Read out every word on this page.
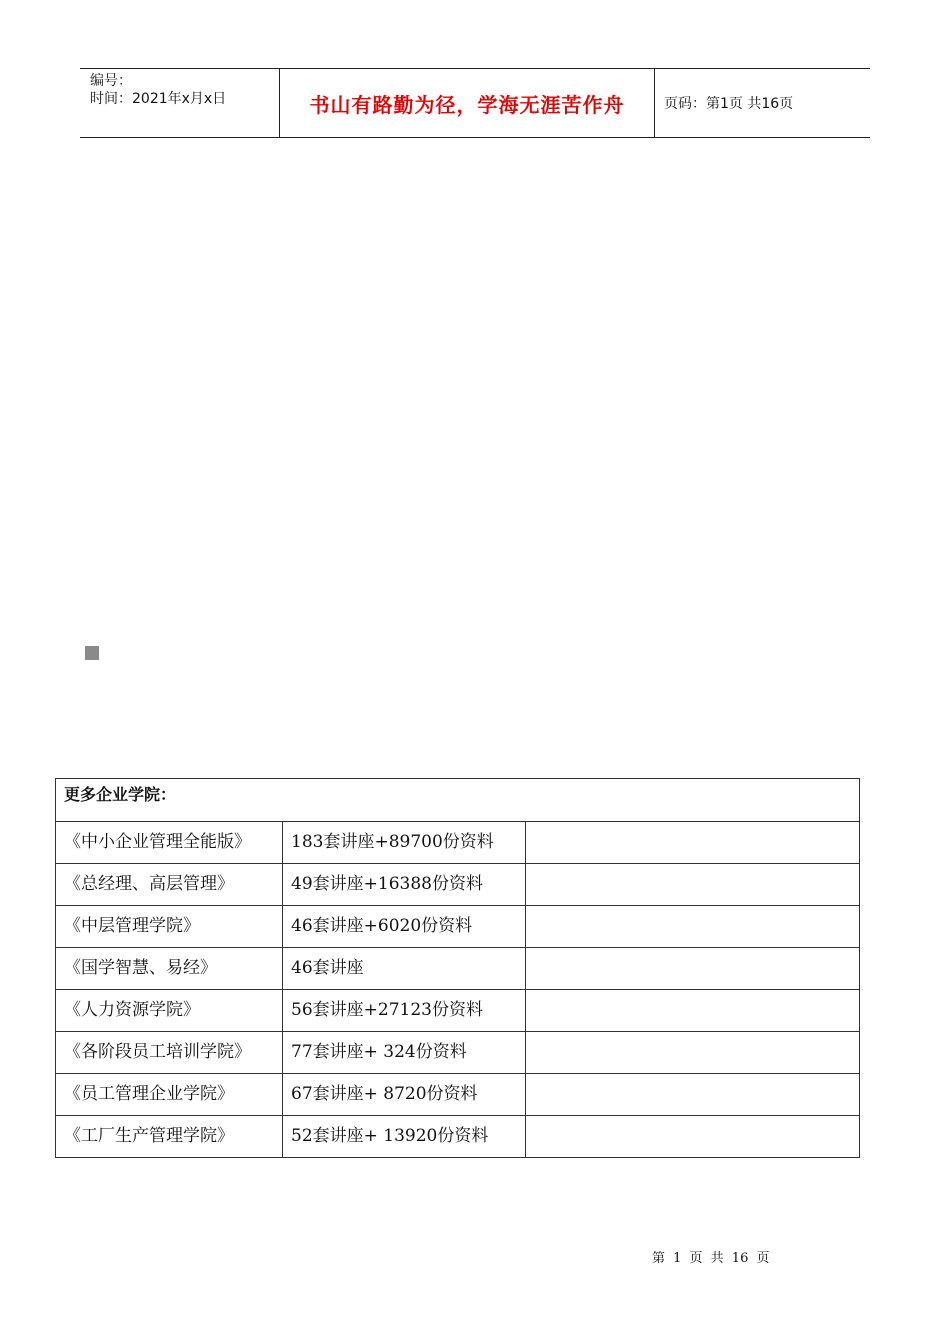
编号：
时间：2021年x月x日	书山有路勤为径，学海无涯苦作舟	页码：第1页 共16页
更多企业学院：		
《中小企业管理全能版》	183套讲座+89700份资料	
《总经理、高层管理》	49套讲座+16388份资料	
《中层管理学院》	46套讲座+6020份资料	
《国学智慧、易经》	46套讲座	
《人力资源学院》	56套讲座+27123份资料	
《各阶段员工培训学院》	77套讲座+ 324份资料	
《员工管理企业学院》	67套讲座+ 8720份资料	
《工厂生产管理学院》	52套讲座+ 13920份资料	
第 1 页 共 16 页
